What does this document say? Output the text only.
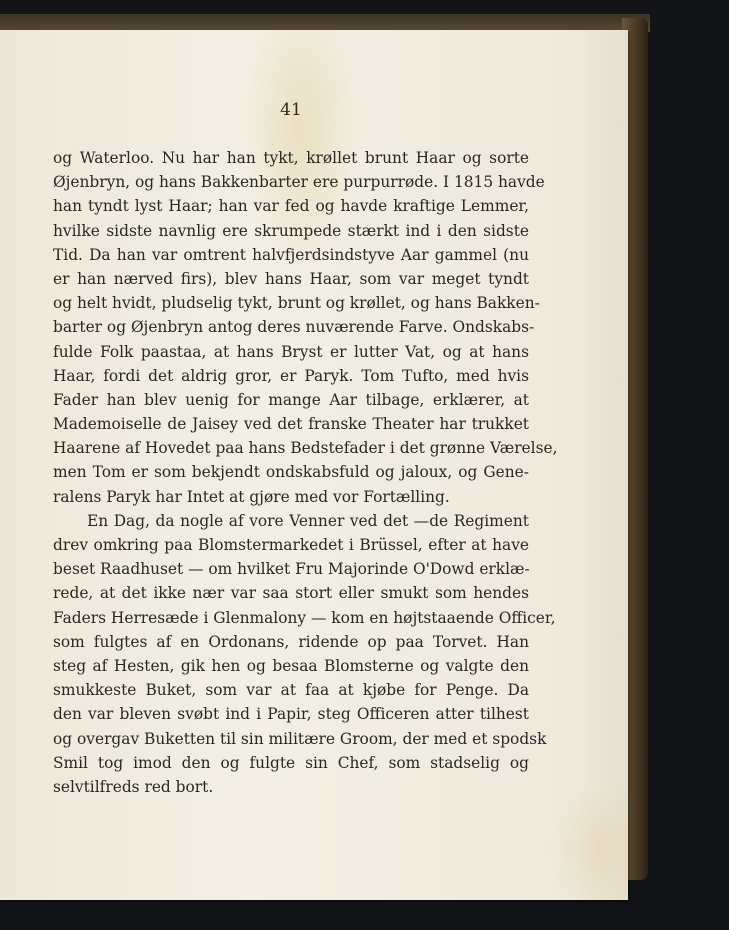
41
og Waterloo. Nu har han tykt, krøllet brunt Haar og sorte
Øjenbryn, og hans Bakkenbarter ere purpurrøde. I 1815 havde
han tyndt lyst Haar; han var fed og havde kraftige Lemmer,
hvilke sidste navnlig ere skrumpede stærkt ind i den sidste
Tid. Da han var omtrent halvfjerdsindstyve Aar gammel (nu
er han nærved firs), blev hans Haar, som var meget tyndt
og helt hvidt, pludselig tykt, brunt og krøllet, og hans Bakken-
barter og Øjenbryn antog deres nuværende Farve. Ondskabs-
fulde Folk paastaa, at hans Bryst er lutter Vat, og at hans
Haar, fordi det aldrig gror, er Paryk. Tom Tufto, med hvis
Fader han blev uenig for mange Aar tilbage, erklærer, at
Mademoiselle de Jaisey ved det franske Theater har trukket
Haarene af Hovedet paa hans Bedstefader i det grønne Værelse,
men Tom er som bekjendt ondskabsfuld og jaloux, og Gene-
ralens Paryk har Intet at gjøre med vor Fortælling.
En Dag, da nogle af vore Venner ved det —de Regiment
drev omkring paa Blomstermarkedet i Brüssel, efter at have
beset Raadhuset — om hvilket Fru Majorinde O'Dowd erklæ-
rede, at det ikke nær var saa stort eller smukt som hendes
Faders Herresæde i Glenmalony — kom en højtstaaende Officer,
som fulgtes af en Ordonans, ridende op paa Torvet. Han
steg af Hesten, gik hen og besaa Blomsterne og valgte den
smukkeste Buket, som var at faa at kjøbe for Penge. Da
den var bleven svøbt ind i Papir, steg Officeren atter tilhest
og overgav Buketten til sin militære Groom, der med et spodsk
Smil tog imod den og fulgte sin Chef, som stadselig og
selvtilfreds red bort.
